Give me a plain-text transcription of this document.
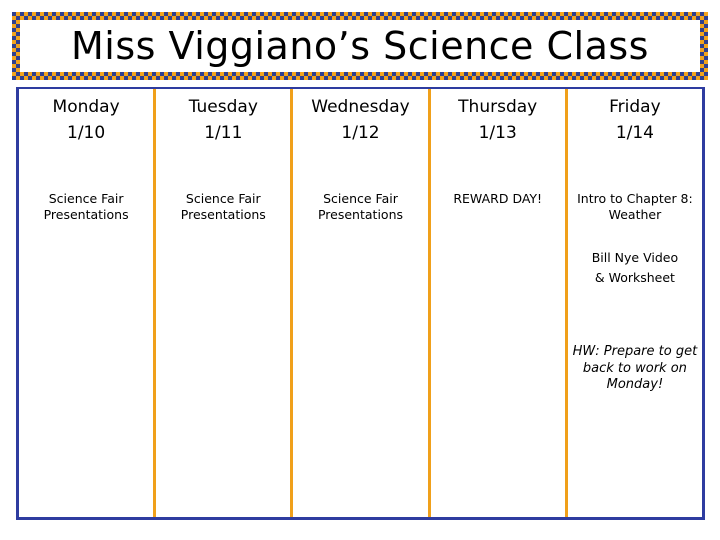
Miss Viggiano’s Science Class
Monday
1/10
Science Fair Presentations
Tuesday
1/11
Science Fair Presentations
Wednesday
1/12
Science Fair Presentations
Thursday
1/13
REWARD DAY!
Friday
1/14
Intro to Chapter 8: Weather
Bill Nye Video
& Worksheet
HW: Prepare to get back to work on Monday!
